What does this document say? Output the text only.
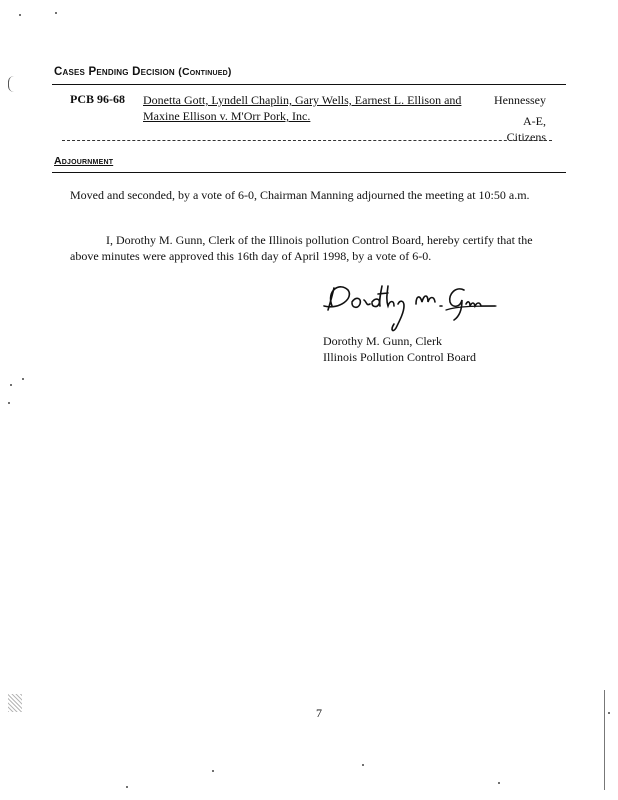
Cases Pending Decision (Continued)
PCB 96-68 Donetta Gott, Lyndell Chaplin, Gary Wells, Earnest L. Ellison and
Maxine Ellison v. M'Orr Pork, Inc.
Hennessey
A-E,
Citizens
Adjournment
Moved and seconded, by a vote of 6-0, Chairman Manning adjourned the meeting at 10:50 a.m.
I, Dorothy M. Gunn, Clerk of the Illinois pollution Control Board, hereby certify that the
above minutes were approved this 16th day of April 1998, by a vote of 6-0.
Dorothy M. Gunn, Clerk
Illinois Pollution Control Board
7
